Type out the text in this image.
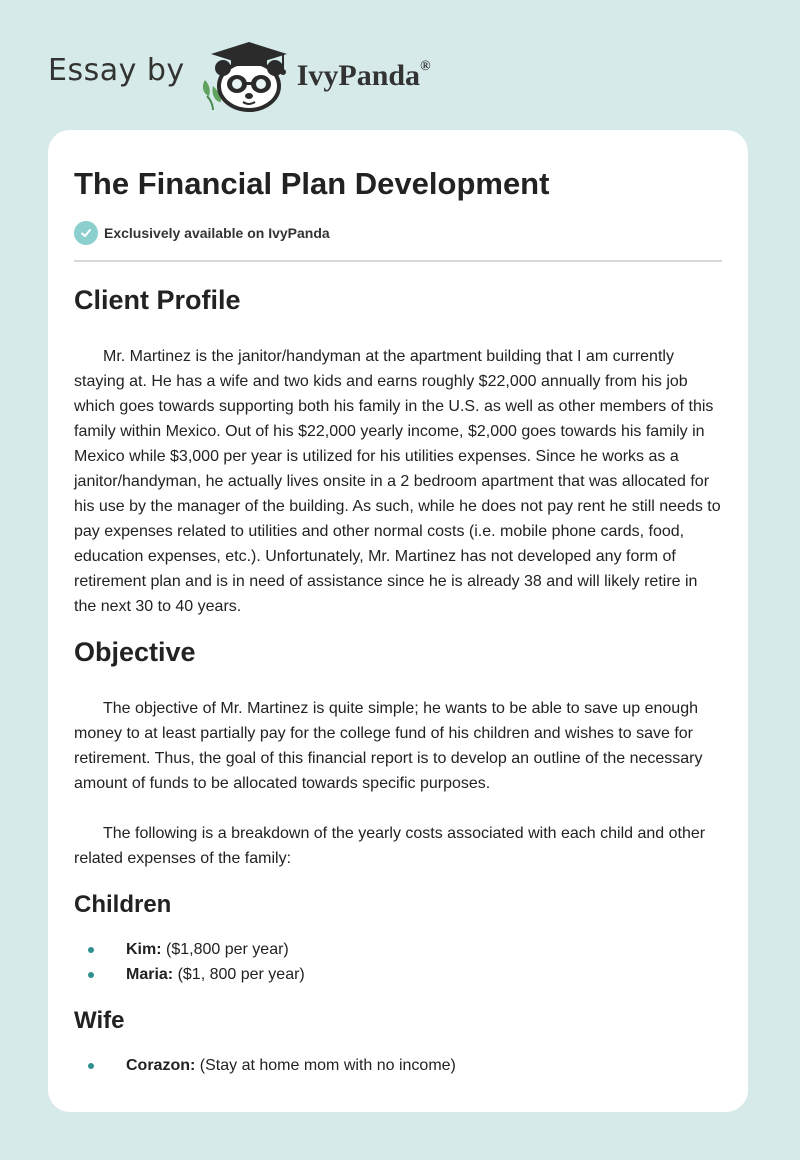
Essay by	IvyPanda®
The Financial Plan Development
Exclusively available on IvyPanda
Client Profile

Mr. Martinez is the janitor/handyman at the apartment building that I am currently staying at. He has a wife and two kids and earns roughly $22,000 annually from his job which goes towards supporting both his family in the U.S. as well as other members of this family within Mexico. Out of his $22,000 yearly income, $2,000 goes towards his family in Mexico while $3,000 per year is utilized for his utilities expenses. Since he works as a janitor/handyman, he actually lives onsite in a 2 bedroom apartment that was allocated for his use by the manager of the building. As such, while he does not pay rent he still needs to pay expenses related to utilities and other normal costs (i.e. mobile phone cards, food, education expenses, etc.). Unfortunately, Mr. Martinez has not developed any form of retirement plan and is in need of assistance since he is already 38 and will likely retire in the next 30 to 40 years.

Objective

The objective of Mr. Martinez is quite simple; he wants to be able to save up enough money to at least partially pay for the college fund of his children and wishes to save for retirement. Thus, the goal of this financial report is to develop an outline of the necessary amount of funds to be allocated towards specific purposes.

The following is a breakdown of the yearly costs associated with each child and other related expenses of the family:

Children
Kim: ($1,800 per year)
Maria: ($1, 800 per year)
Wife
Corazon: (Stay at home mom with no income)
